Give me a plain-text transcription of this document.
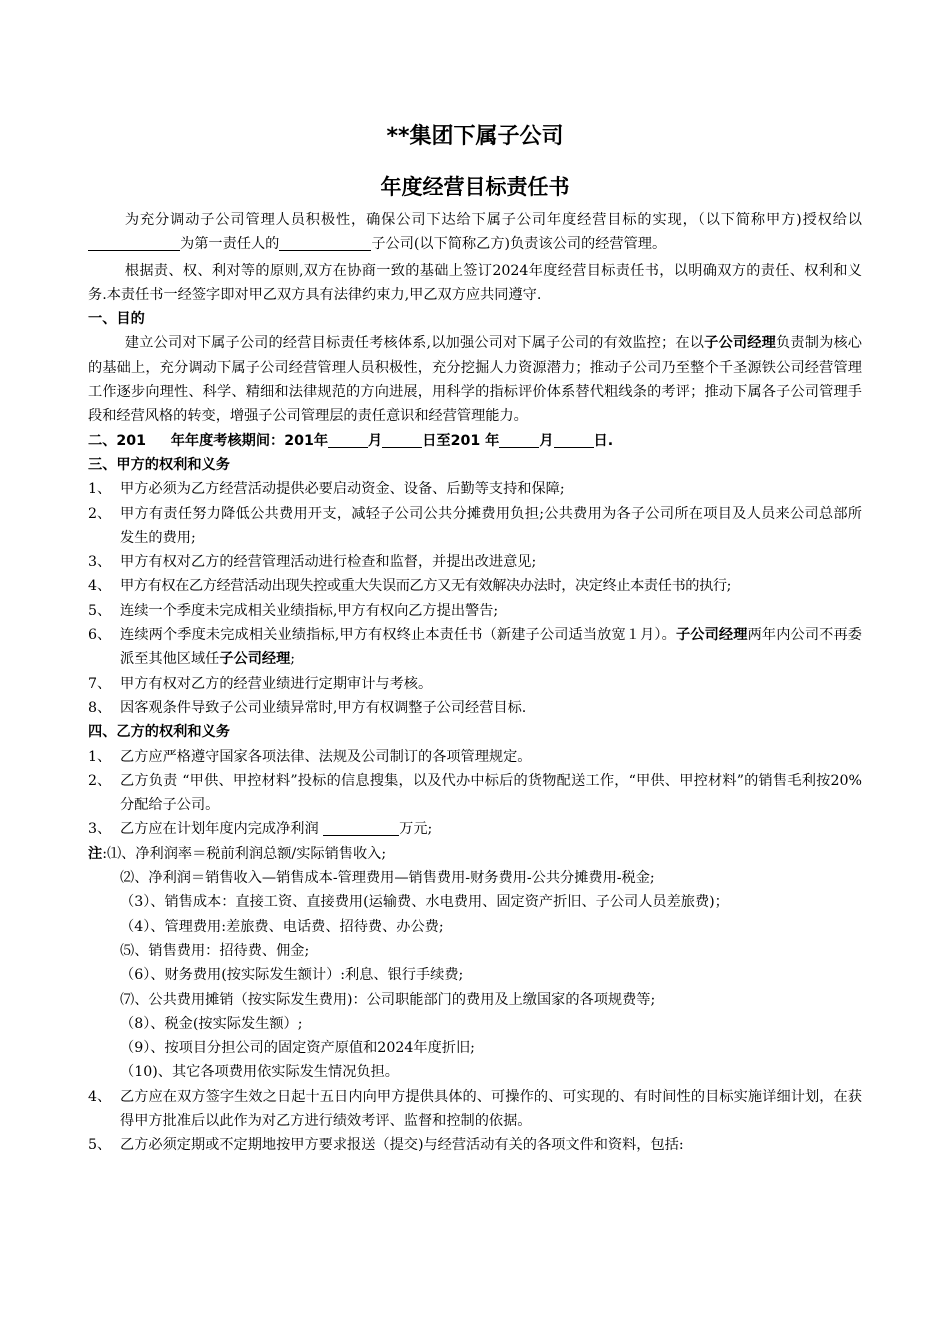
**集团下属子公司
年度经营目标责任书

为充分调动子公司管理人员积极性，确保公司下达给下属子公司年度经营目标的实现，（以下简称甲方)授权给以为第一责任人的	子公司(以下简称乙方)负责该公司的经营管理。

根据责、权、利对等的原则,双方在协商一致的基础上签订2024年度经营目标责任书，以明确双方的责任、权利和义务.本责任书一经签字即对甲乙双方具有法律约束力,甲乙双方应共同遵守.

一、目的

建立公司对下属子公司的经营目标责任考核体系,以加强公司对下属子公司的有效监控；在以子公司经理负责制为核心的基础上，充分调动下属子公司经营管理人员积极性，充分挖掘人力资源潜力；推动子公司乃至整个千圣源铁公司经营管理工作逐步向理性、科学、精细和法律规范的方向进展，用科学的指标评价体系替代粗线条的考评；推动下属各子公司管理手段和经营风格的转变，增强子公司管理层的责任意识和经营管理能力。

二、201 年年度考核期间：201年	月	日至201 年	月	日.

三、甲方的权利和义务

1、 甲方必须为乙方经营活动提供必要启动资金、设备、后勤等支持和保障;
2、 甲方有责任努力降低公共费用开支，减轻子公司公共分摊费用负担;公共费用为各子公司所在项目及人员来公司总部所发生的费用;
3、 甲方有权对乙方的经营管理活动进行检查和监督，并提出改进意见;
4、 甲方有权在乙方经营活动出现失控或重大失误而乙方又无有效解决办法时，决定终止本责任书的执行;
5、 连续一个季度未完成相关业绩指标,甲方有权向乙方提出警告;
6、 连续两个季度未完成相关业绩指标,甲方有权终止本责任书（新建子公司适当放宽１月）。子公司经理两年内公司不再委派至其他区域任子公司经理;
7、 甲方有权对乙方的经营业绩进行定期审计与考核。
8、 因客观条件导致子公司业绩异常时,甲方有权调整子公司经营目标.

四、乙方的权利和义务

1、 乙方应严格遵守国家各项法律、法规及公司制订的各项管理规定。
2、 乙方负责 “甲供、甲控材料”投标的信息搜集，以及代办中标后的货物配送工作，“甲供、甲控材料”的销售毛利按20%分配给子公司。
3、 乙方应在计划年度内完成净利润	万元;

注:⑴、净利润率＝税前利润总额/实际销售收入;

⑵、净利润＝销售收入—销售成本-管理费用—销售费用-财务费用-公共分摊费用-税金;

（3）、销售成本：直接工资、直接费用(运输费、水电费用、固定资产折旧、子公司人员差旅费)；

（4）、管理费用:差旅费、电话费、招待费、办公费;

⑸、销售费用：招待费、佣金;

（6）、财务费用(按实际发生额计）:利息、银行手续费;

⑺、公共费用摊销（按实际发生费用)：公司职能部门的费用及上缴国家的各项规费等;

（8）、税金(按实际发生额）;

（9）、按项目分担公司的固定资产原值和2024年度折旧;

（10)、其它各项费用依实际发生情况负担。

4、 乙方应在双方签字生效之日起十五日内向甲方提供具体的、可操作的、可实现的、有时间性的目标实施详细计划，在获得甲方批准后以此作为对乙方进行绩效考评、监督和控制的依据。
5、 乙方必须定期或不定期地按甲方要求报送（提交)与经营活动有关的各项文件和资料，包括:
